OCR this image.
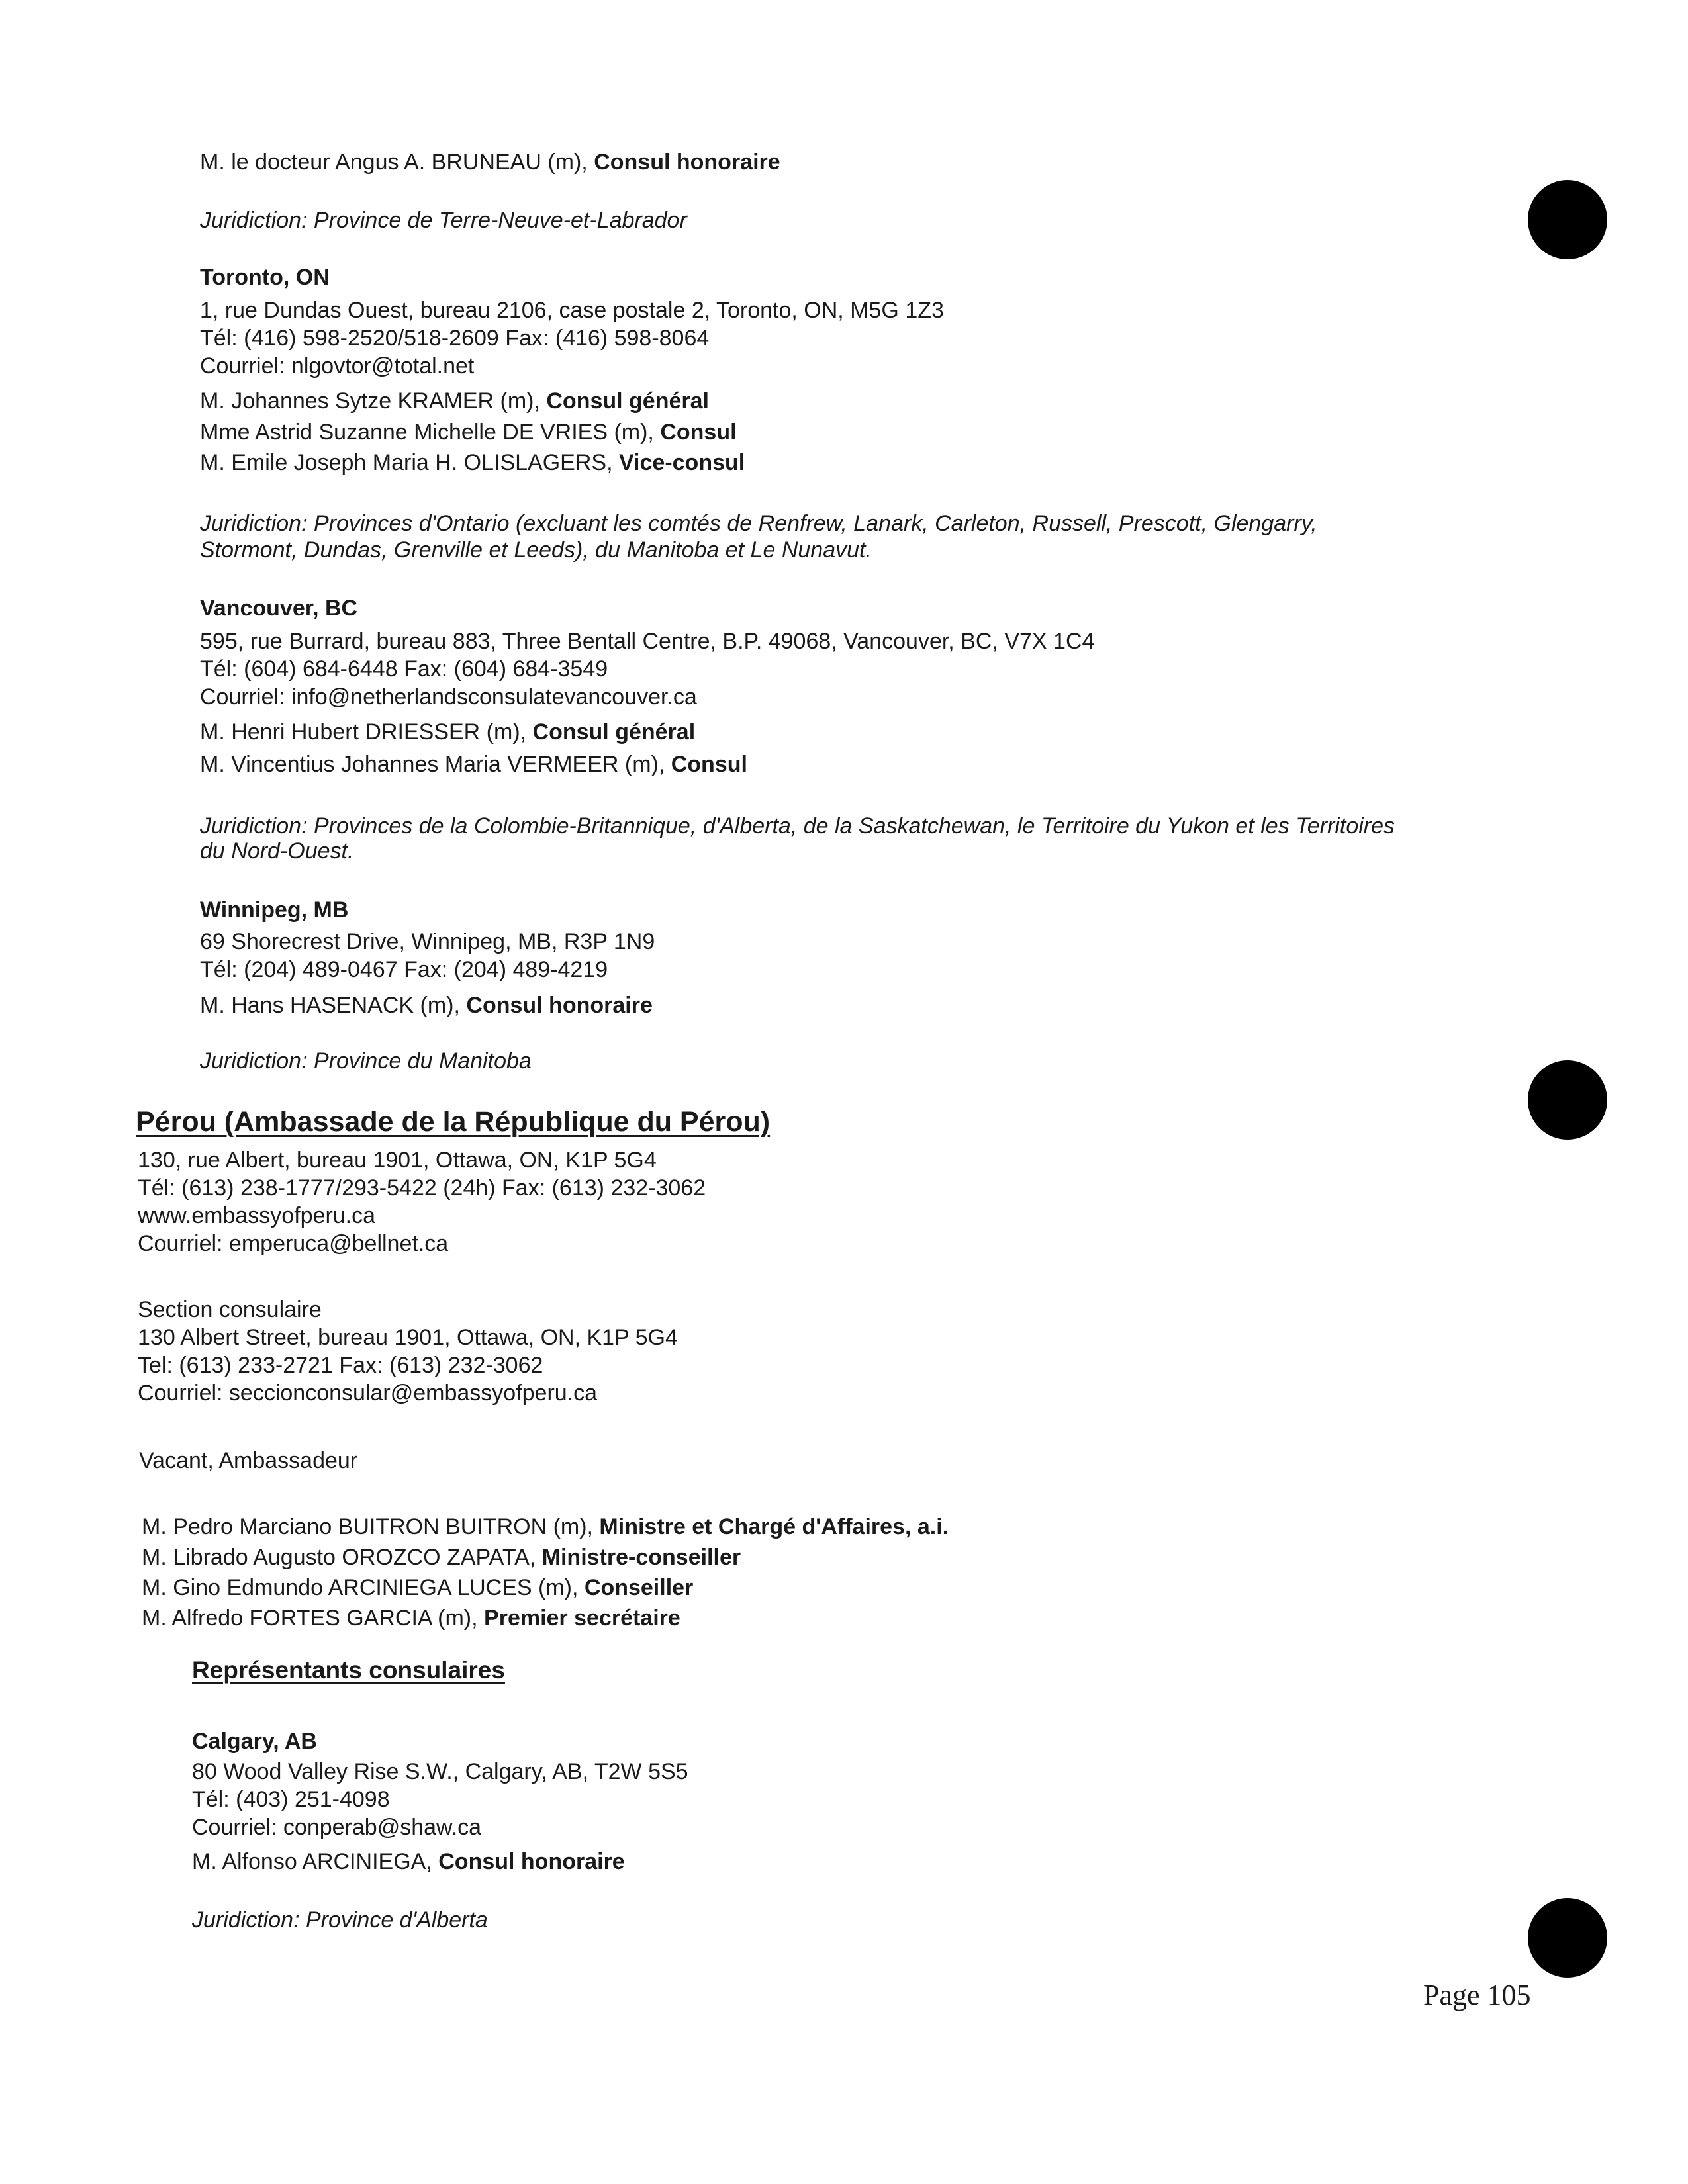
M. le docteur Angus A. BRUNEAU (m), Consul honoraire
Juridiction: Province de Terre-Neuve-et-Labrador
Toronto, ON
1, rue Dundas Ouest, bureau 2106, case postale 2, Toronto, ON, M5G 1Z3
Tél: (416) 598-2520/518-2609 Fax: (416) 598-8064
Courriel: nlgovtor@total.net
M. Johannes Sytze KRAMER (m), Consul général
Mme Astrid Suzanne Michelle DE VRIES (m), Consul
M. Emile Joseph Maria H. OLISLAGERS, Vice-consul
Juridiction: Provinces d'Ontario (excluant les comtés de Renfrew, Lanark, Carleton, Russell, Prescott, Glengarry,
Stormont, Dundas, Grenville et Leeds), du Manitoba et Le Nunavut.
Vancouver, BC
595, rue Burrard, bureau 883, Three Bentall Centre, B.P. 49068, Vancouver, BC, V7X 1C4
Tél: (604) 684-6448 Fax: (604) 684-3549
Courriel: info@netherlandsconsulatevancouver.ca
M. Henri Hubert DRIESSER (m), Consul général
M. Vincentius Johannes Maria VERMEER (m), Consul
Juridiction: Provinces de la Colombie-Britannique, d'Alberta, de la Saskatchewan, le Territoire du Yukon et les Territoires
du Nord-Ouest.
Winnipeg, MB
69 Shorecrest Drive, Winnipeg, MB, R3P 1N9
Tél: (204) 489-0467 Fax: (204) 489-4219
M. Hans HASENACK (m), Consul honoraire
Juridiction: Province du Manitoba
Pérou (Ambassade de la République du Pérou)
130, rue Albert, bureau 1901, Ottawa, ON, K1P 5G4
Tél: (613) 238-1777/293-5422 (24h) Fax: (613) 232-3062
www.embassyofperu.ca
Courriel: emperuca@bellnet.ca
Section consulaire
130 Albert Street, bureau 1901, Ottawa, ON, K1P 5G4
Tel: (613) 233-2721 Fax: (613) 232-3062
Courriel: seccionconsular@embassyofperu.ca
Vacant, Ambassadeur
M. Pedro Marciano BUITRON BUITRON (m), Ministre et Chargé d'Affaires, a.i.
M. Librado Augusto OROZCO ZAPATA, Ministre-conseiller
M. Gino Edmundo ARCINIEGA LUCES (m), Conseiller
M. Alfredo FORTES GARCIA (m), Premier secrétaire
Représentants consulaires
Calgary, AB
80 Wood Valley Rise S.W., Calgary, AB, T2W 5S5
Tél: (403) 251-4098
Courriel: conperab@shaw.ca
M. Alfonso ARCINIEGA, Consul honoraire
Juridiction: Province d'Alberta
Page 105
